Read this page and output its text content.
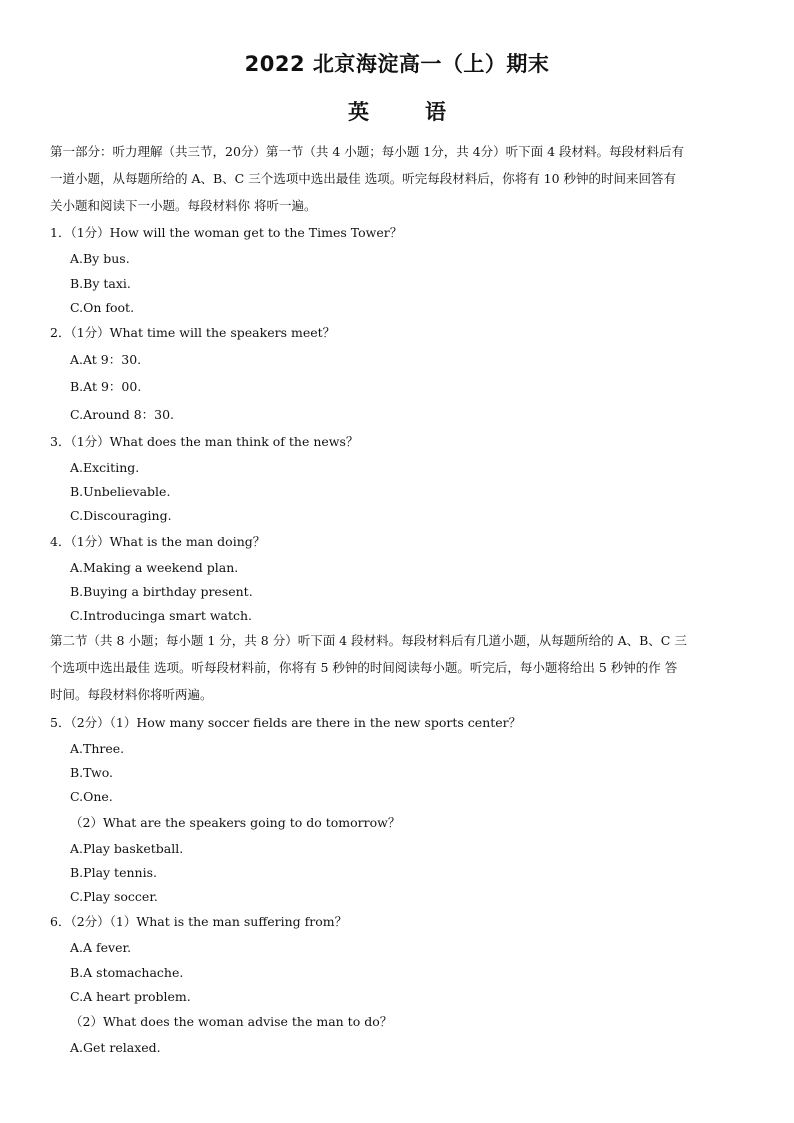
2022 北京海淀高一（上）期末
英	语
第一部分：听力理解（共三节，20分）第一节（共 4 小题；每小题 1分，共 4分）听下面 4 段材料。每段材料后有
一道小题，从每题所给的 A、B、C 三个选项中选出最佳 选项。听完每段材料后，你将有 10 秒钟的时间来回答有
关小题和阅读下一小题。每段材料你 将听一遍。
1．（1分）How will the woman get to the Times Tower？
A.By bus.
B.By taxi.
C.On foot.
2．（1分）What time will the speakers meet？
A.At 9：30.
B.At 9：00.
C.Around 8：30.
3．（1分）What does the man think of the news？
A.Exciting.
B.Unbelievable.
C.Discouraging.
4．（1分）What is the man doing？
A.Making a weekend plan.
B.Buying a birthday present.
C.Introducinga smart watch.
第二节（共 8 小题；每小题 1 分，共 8 分）听下面 4 段材料。每段材料后有几道小题，从每题所给的 A、B、C 三
个选项中选出最佳 选项。听每段材料前，你将有 5 秒钟的时间阅读每小题。听完后，每小题将给出 5 秒钟的作 答
时间。每段材料你将听两遍。
5．（2分）（1）How many soccer fields are there in the new sports center？
A.Three.
B.Two.
C.One.
（2）What are the speakers going to do tomorrow？
A.Play basketball.
B.Play tennis.
C.Play soccer.
6．（2分）（1）What is the man suffering from？
A.A fever.
B.A stomachache.
C.A heart problem.
（2）What does the woman advise the man to do？
A.Get relaxed.
